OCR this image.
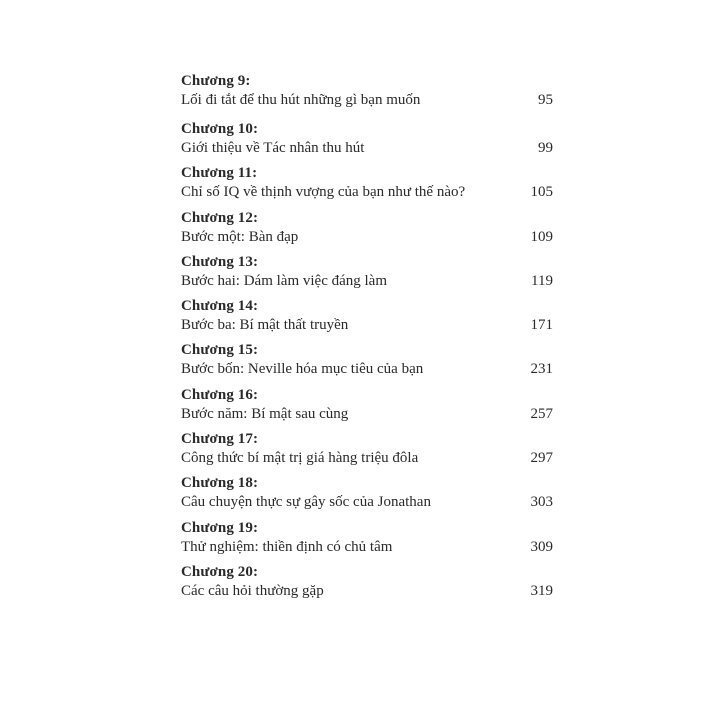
Chương 9:
Lối đi tắt để thu hút những gì bạn muốn	95
Chương 10:
Giới thiệu về Tác nhân thu hút	99
Chương 11:
Chỉ số IQ về thịnh vượng của bạn như thế nào?	105
Chương 12:
Bước một: Bàn đạp	109
Chương 13:
Bước hai: Dám làm việc đáng làm	119
Chương 14:
Bước ba: Bí mật thất truyền	171
Chương 15:
Bước bốn: Neville hóa mục tiêu của bạn	231
Chương 16:
Bước năm: Bí mật sau cùng	257
Chương 17:
Công thức bí mật trị giá hàng triệu đôla	297
Chương 18:
Câu chuyện thực sự gây sốc của Jonathan	303
Chương 19:
Thử nghiệm: thiền định có chủ tâm	309
Chương 20:
Các câu hỏi thường gặp	319
